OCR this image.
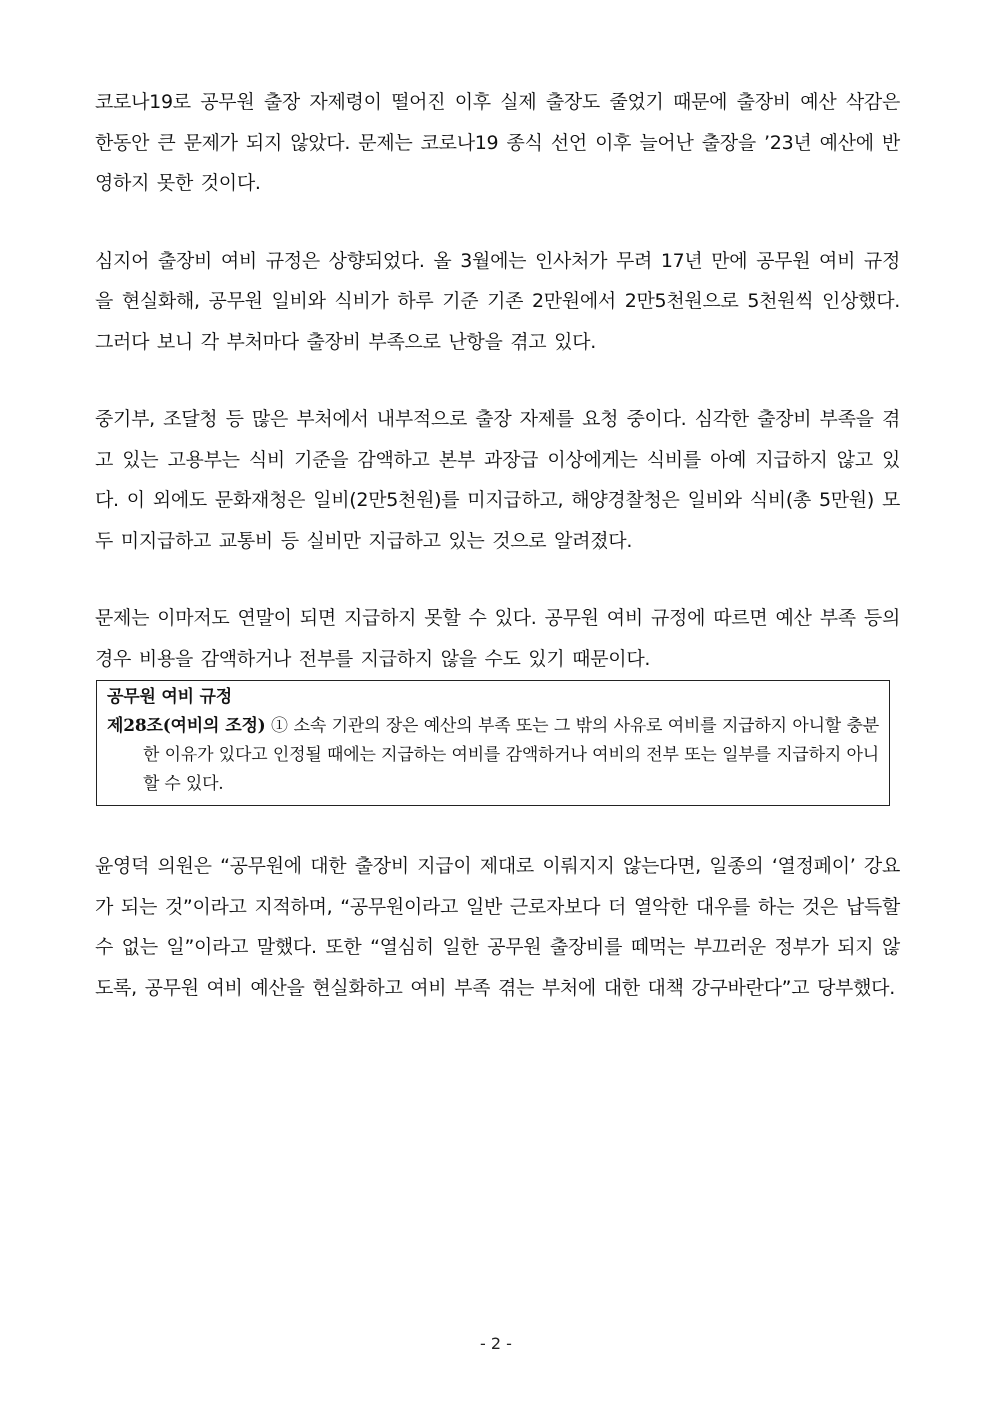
코로나19로 공무원 출장 자제령이 떨어진 이후 실제 출장도 줄었기 때문에 출장비 예산 삭감은 한동안 큰 문제가 되지 않았다. 문제는 코로나19 종식 선언 이후 늘어난 출장을 ’23년 예산에 반영하지 못한 것이다.

심지어 출장비 여비 규정은 상향되었다. 올 3월에는 인사처가 무려 17년 만에 공무원 여비 규정을 현실화해, 공무원 일비와 식비가 하루 기준 기존 2만원에서 2만5천원으로 5천원씩 인상했다. 그러다 보니 각 부처마다 출장비 부족으로 난항을 겪고 있다.

중기부, 조달청 등 많은 부처에서 내부적으로 출장 자제를 요청 중이다. 심각한 출장비 부족을 겪고 있는 고용부는 식비 기준을 감액하고 본부 과장급 이상에게는 식비를 아예 지급하지 않고 있다. 이 외에도 문화재청은 일비(2만5천원)를 미지급하고, 해양경찰청은 일비와 식비(총 5만원) 모두 미지급하고 교통비 등 실비만 지급하고 있는 것으로 알려졌다.

문제는 이마저도 연말이 되면 지급하지 못할 수 있다. 공무원 여비 규정에 따르면 예산 부족 등의 경우 비용을 감액하거나 전부를 지급하지 않을 수도 있기 때문이다.

공무원 여비 규정
제28조(여비의 조정) ① 소속 기관의 장은 예산의 부족 또는 그 밖의 사유로 여비를 지급하지 아니할 충분한 이유가 있다고 인정될 때에는 지급하는 여비를 감액하거나 여비의 전부 또는 일부를 지급하지 아니할 수 있다.

윤영덕 의원은 “공무원에 대한 출장비 지급이 제대로 이뤄지지 않는다면, 일종의 ‘열정페이’ 강요가 되는 것”이라고 지적하며, “공무원이라고 일반 근로자보다 더 열악한 대우를 하는 것은 납득할 수 없는 일”이라고 말했다. 또한 “열심히 일한 공무원 출장비를 떼먹는 부끄러운 정부가 되지 않도록, 공무원 여비 예산을 현실화하고 여비 부족 겪는 부처에 대한 대책 강구바란다”고 당부했다.

- 2 -
